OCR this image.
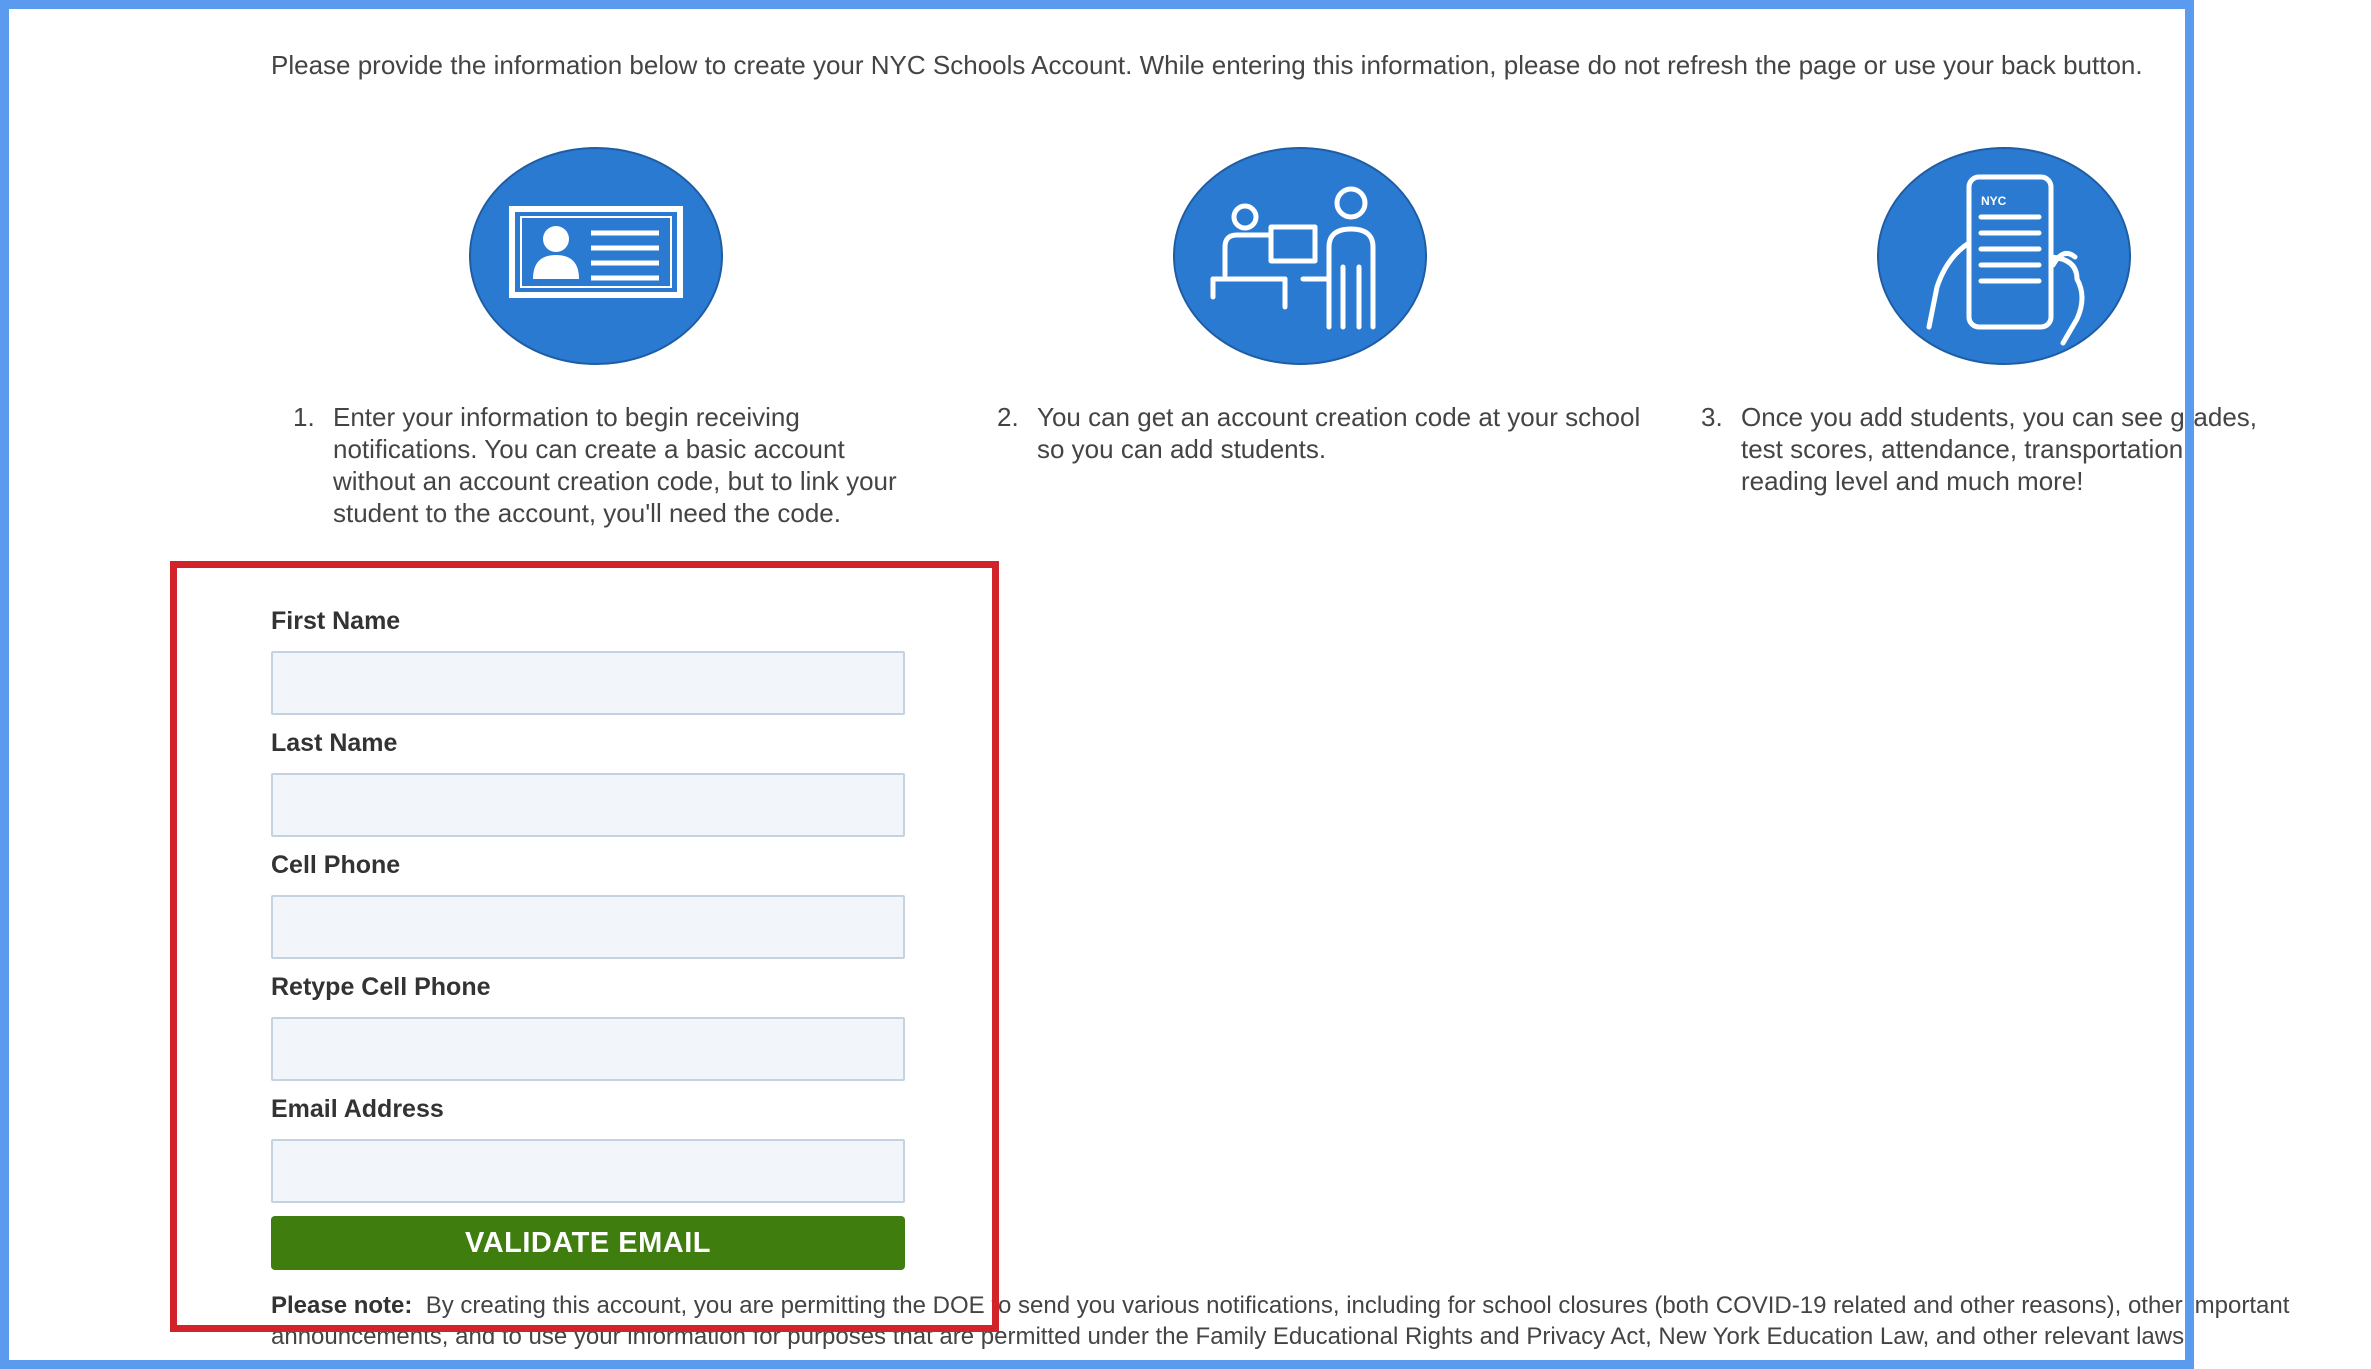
Please provide the information below to create your NYC Schools Account. While entering this information, please do not refresh the page or use your back button.

NYC
1. Enter your information to begin receiving notifications. You can create a basic account without an account creation code, but to link your student to the account, you'll need the code.
2. You can get an account creation code at your school so you can add students.
3. Once you add students, you can see grades, test scores, attendance, transportation, reading level and much more!
First Name
Last Name
Cell Phone
Retype Cell Phone
Email Address
VALIDATE EMAIL

Please note: By creating this account, you are permitting the DOE to send you various notifications, including for school closures (both COVID-19 related and other reasons), other important announcements, and to use your information for purposes that are permitted under the Family Educational Rights and Privacy Act, New York Education Law, and other relevant laws.
